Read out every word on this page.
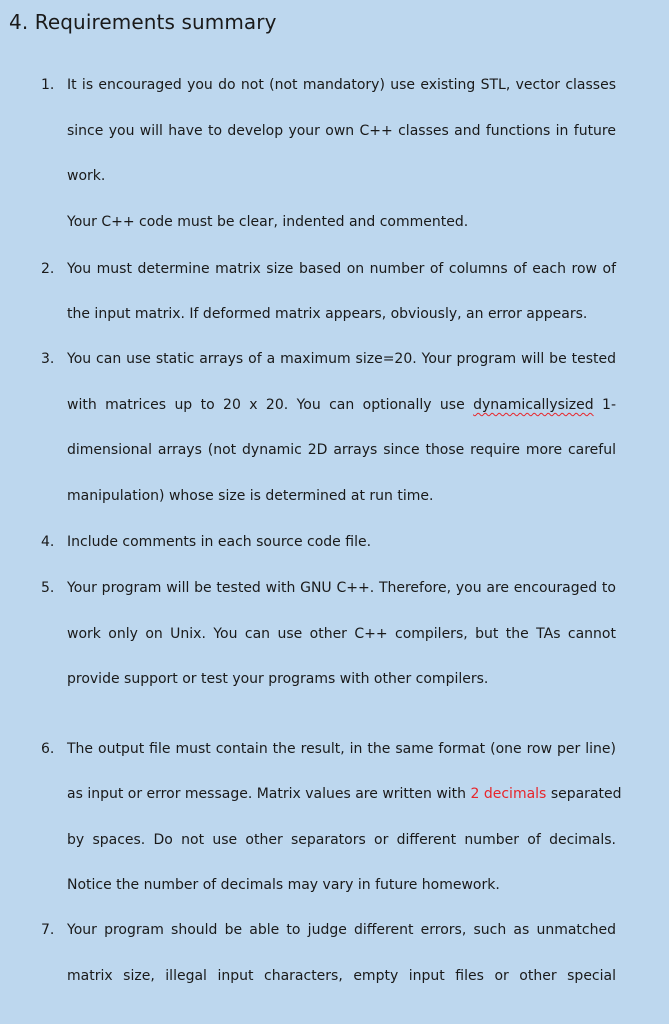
4. Requirements summary
1. It is encouraged you do not (not mandatory) use existing STL, vector classes
since you will have to develop your own C++ classes and functions in future
work.
Your C++ code must be clear, indented and commented.
2. You must determine matrix size based on number of columns of each row of
the input matrix. If deformed matrix appears, obviously, an error appears.
3. You can use static arrays of a maximum size=20. Your program will be tested
with matrices up to 20 x 20. You can optionally use dynamicallysized 1-
dimensional arrays (not dynamic 2D arrays since those require more careful
manipulation) whose size is determined at run time.
4. Include comments in each source code file.
5. Your program will be tested with GNU C++. Therefore, you are encouraged to
work only on Unix. You can use other C++ compilers, but the TAs cannot
provide support or test your programs with other compilers.
6. The output file must contain the result, in the same format (one row per line)
as input or error message. Matrix values are written with 2 decimals separated
by spaces. Do not use other separators or different number of decimals.
Notice the number of decimals may vary in future homework.
7. Your program should be able to judge different errors, such as unmatched
matrix size, illegal input characters, empty input files or other special
